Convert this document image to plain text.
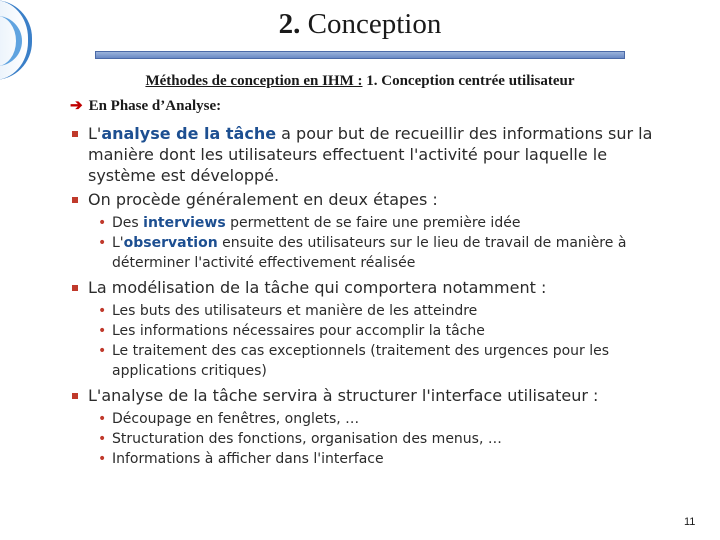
2. Conception
Méthodes de conception en IHM : 1. Conception centrée utilisateur
➔ En Phase d’Analyse:
L'analyse de la tâche a pour but de recueillir des informations sur la manière dont les utilisateurs effectuent l'activité pour laquelle le système est développé.
On procède généralement en deux étapes :
• Des interviews permettent de se faire une première idée
• L'observation ensuite des utilisateurs sur le lieu de travail de manière à déterminer l'activité effectivement réalisée
La modélisation de la tâche qui comportera notamment :
• Les buts des utilisateurs et manière de les atteindre
• Les informations nécessaires pour accomplir la tâche
• Le traitement des cas exceptionnels (traitement des urgences pour les applications critiques)
L'analyse de la tâche servira à structurer l'interface utilisateur :
• Découpage en fenêtres, onglets, …
• Structuration des fonctions, organisation des menus, …
• Informations à afficher dans l'interface
11
